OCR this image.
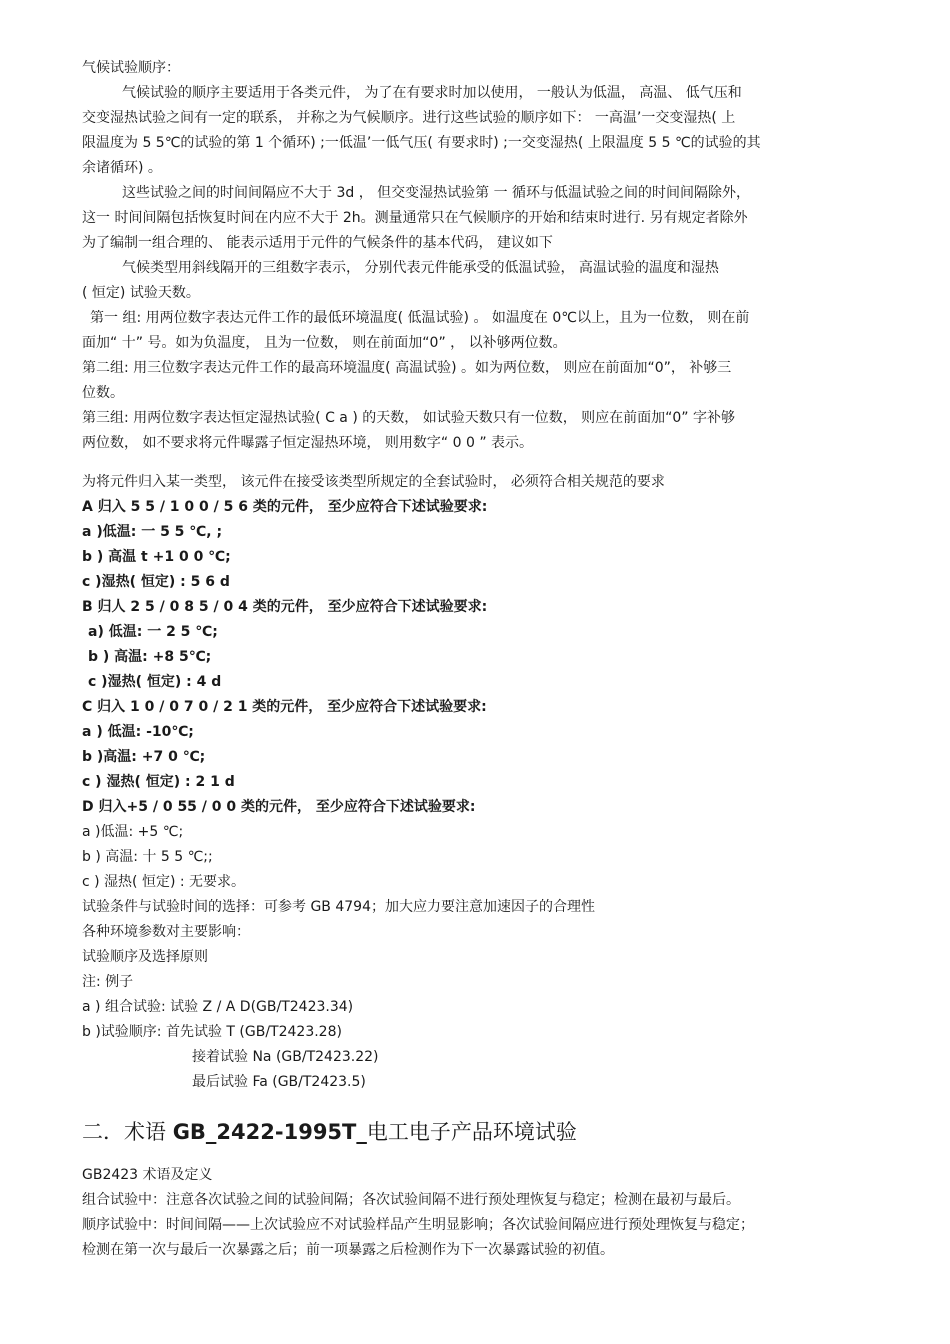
气候试验顺序：
气候试验的顺序主要适用于各类元件， 为了在有要求时加以使用， 一般认为低温， 高温、 低气压和
交变湿热试验之间有一定的联系， 并称之为气候顺序。进行这些试验的顺序如下： 一高温’一交变湿热( 上
限温度为 5 5℃的试验的第 1 个循环) ;一低温’一低气压( 有要求时) ;一交变湿热( 上限温度 5 5 ℃的试验的其
余诸循环) 。
这些试验之间的时间间隔应不大于 3d ， 但交变湿热试验第 一 循环与低温试验之间的时间间隔除外，
这一 时间间隔包括恢复时间在内应不大于 2h。测量通常只在气候顺序的开始和结束时进行. 另有规定者除外
为了编制一组合理的、 能表示适用于元件的气候条件的基本代码， 建议如下
气候类型用斜线隔开的三组数字表示， 分别代表元件能承受的低温试验， 高温试验的温度和湿热
( 恒定) 试验天数。
第一 组: 用两位数字表达元件工作的最低环境温度( 低温试验) 。 如温度在 0℃以上，且为一位数， 则在前
面加“ 十” 号。如为负温度， 且为一位数， 则在前面加“0” ， 以补够两位数。
第二组: 用三位数字表达元件工作的最高环境温度( 高温试验) 。如为两位数， 则应在前面加“0”， 补够三
位数。
第三组: 用两位数字表达恒定湿热试验( C a ) 的天数， 如试验天数只有一位数， 则应在前面加“0” 字补够
两位数， 如不要求将元件曝露子恒定湿热环境， 则用数字“ 0 0 ” 表示。
为将元件归入某一类型， 该元件在接受该类型所规定的全套试验时， 必须符合相关规范的要求
A 归入 5 5 / 1 0 0 / 5 6 类的元件， 至少应符合下述试验要求:
a )低温: 一 5 5 ℃, ;
b ) 高温 t +1 0 0 ℃;
c )湿热( 恒定) : 5 6 d
B 归人 2 5 / 0 8 5 / 0 4 类的元件， 至少应符合下述试验要求:
a) 低温: 一 2 5 ℃;
b ) 高温: +8 5℃;
c )湿热( 恒定) : 4 d
C 归入 1 0 / 0 7 0 / 2 1 类的元件， 至少应符合下述试验要求:
a ) 低温: -10℃;
b )高温: +7 0 ℃;
c ) 湿热( 恒定) : 2 1 d
D 归入+5 / 0 55 / 0 0 类的元件， 至少应符合下述试验要求:
a )低温: +5 ℃;
b ) 高温: 十 5 5 ℃;;
c ) 湿热( 恒定) : 无要求。
试验条件与试验时间的选择：可参考 GB 4794；加大应力要注意加速因子的合理性
各种环境参数对主要影响：
试验顺序及选择原则
注: 例子
a ) 组合试验: 试验 Z / A D(GB/T2423.34)
b )试验顺序: 首先试验 T (GB/T2423.28)
接着试验 Na (GB/T2423.22)
最后试验 Fa (GB/T2423.5)
二．术语 GB_2422-1995T_电工电子产品环境试验
GB2423 术语及定义
组合试验中：注意各次试验之间的试验间隔；各次试验间隔不进行预处理恢复与稳定；检测在最初与最后。
顺序试验中：时间间隔——上次试验应不对试验样品产生明显影响；各次试验间隔应进行预处理恢复与稳定；
检测在第一次与最后一次暴露之后；前一项暴露之后检测作为下一次暴露试验的初值。
